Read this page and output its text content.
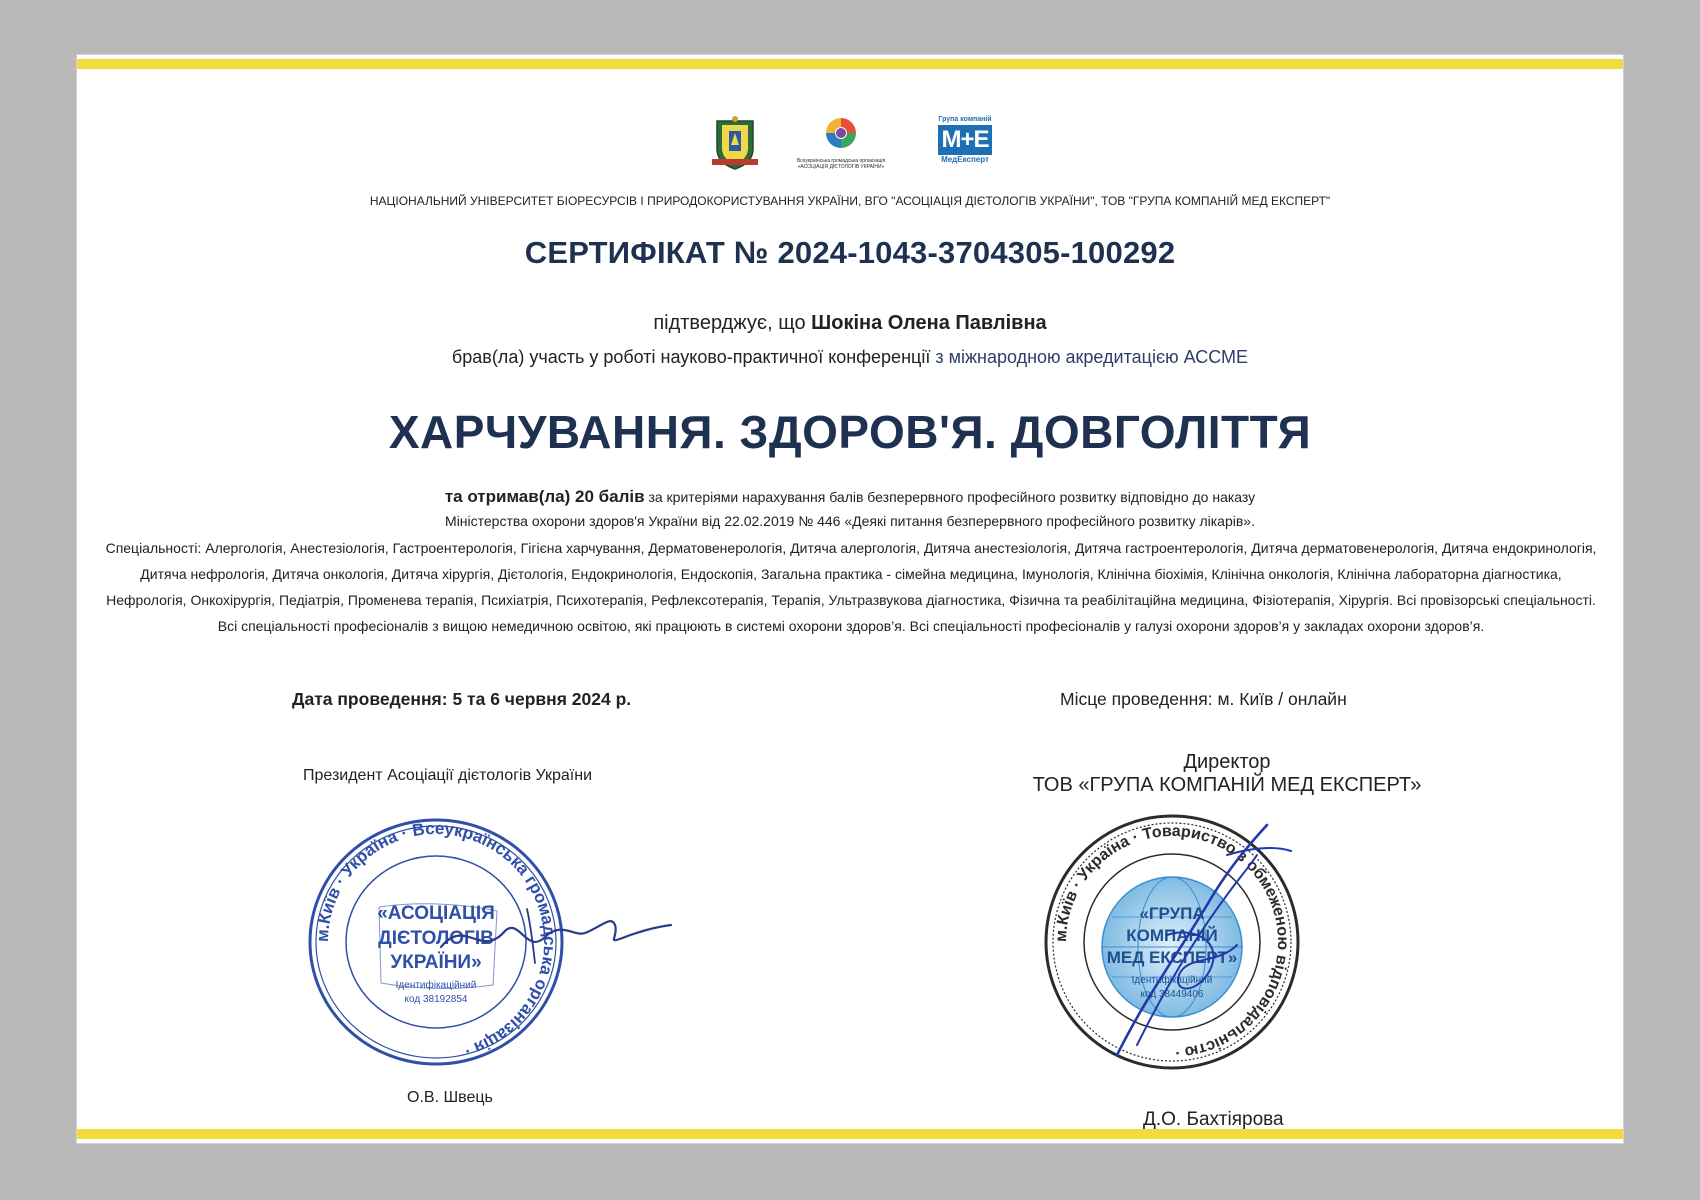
Всеукраїнська громадська організація «АСОЦІАЦІЯ ДІЄТОЛОГІВ УКРАЇНИ»
Група компаній
М+Е
МедЕксперт

НАЦІОНАЛЬНИЙ УНІВЕРСИТЕТ БІОРЕСУРСІВ І ПРИРОДОКОРИСТУВАННЯ УКРАЇНИ, ВГО "АСОЦІАЦІЯ ДІЄТОЛОГІВ УКРАЇНИ", ТОВ "ГРУПА КОМПАНІЙ МЕД ЕКСПЕРТ"

СЕРТИФІКАТ № 2024-1043-3704305-100292

підтверджує, що Шокіна Олена Павлівна

брав(ла) участь у роботі науково-практичної конференції з міжнародною акредитацією АССМЕ

ХАРЧУВАННЯ. ЗДОРОВ'Я. ДОВГОЛІТТЯ

та отримав(ла) 20 балів за критеріями нарахування балів безперервного професійного розвитку відповідно до наказу
Міністерства охорони здоров'я України від 22.02.2019 № 446 «Деякі питання безперервного професійного розвитку лікарів».
Спеціальності: Алергологія, Анестезіологія, Гастроентерологія, Гігієна харчування, Дерматовенерологія, Дитяча алергологія, Дитяча анестезіологія, Дитяча гастроентерологія, Дитяча дерматовенерологія, Дитяча ендокринологія, Дитяча нефрологія, Дитяча онкологія, Дитяча хірургія, Дієтологія, Ендокринологія, Ендоскопія, Загальна практика - сімейна медицина, Імунологія, Клінічна біохімія, Клінічна онкологія, Клінічна лабораторна діагностика, Нефрологія, Онкохірургія, Педіатрія, Променева терапія, Психіатрія, Психотерапія, Рефлексотерапія, Терапія, Ультразвукова діагностика, Фізична та реабілітаційна медицина, Фізіотерапія, Хірургія. Всі провізорські спеціальності. Всі спеціальності професіоналів з вищою немедичною освітою, які працюють в системі охорони здоров’я. Всі спеціальності професіоналів у галузі охорони здоров’я у закладах охорони здоров’я.
Дата проведення: 5 та 6 червня 2024 р.	Місце проведення: м. Київ / онлайн
Президент Асоціації дієтологів України
Директор
ТОВ «ГРУПА КОМПАНІЙ МЕД ЕКСПЕРТ»
м.Київ · Україна · Всеукраїнська громадська організація ·
«АСОЦІАЦІЯ
ДІЄТОЛОГІВ
УКРАЇНИ»
Ідентифікаційний
код 38192854
м.Київ · Україна · Товариство з обмеженою відповідальністю ·
«ГРУПА
КОМПАНІЙ
МЕД ЕКСПЕРТ»
Ідентифікаційний
код 38449406
О.В. Швець
Д.О. Бахтіярова
